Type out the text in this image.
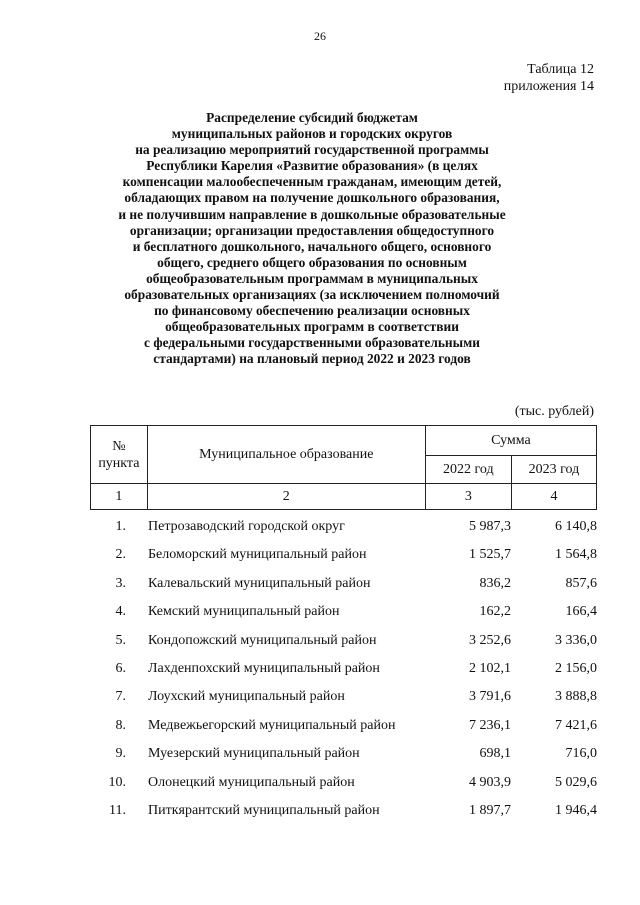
26
Таблица 12
приложения 14
Распределение субсидий бюджетам
муниципальных районов и городских округов
на реализацию мероприятий государственной программы
Республики Карелия «Развитие образования» (в целях
компенсации малообеспеченным гражданам, имеющим детей,
обладающих правом на получение дошкольного образования,
и не получившим направление в дошкольные образовательные
организации; организации предоставления общедоступного
и бесплатного дошкольного, начального общего, основного
общего, среднего общего образования по основным
общеобразовательным программам в муниципальных
образовательных организациях (за исключением полномочий
по финансовому обеспечению реализации основных
общеобразовательных программ в соответствии
с федеральными государственными образовательными
стандартами) на плановый период 2022 и 2023 годов
(тыс. рублей)
№
пункта	Муниципальное образование	Сумма	
		2022 год	2023 год
1	2	3	4
1. Петрозаводский городской округ	5 987,3	6 140,8
2. Беломорский муниципальный район	1 525,7	1 564,8
3. Калевальский муниципальный район	836,2	857,6
4. Кемский муниципальный район	162,2	166,4
5. Кондопожский муниципальный район	3 252,6	3 336,0
6. Лахденпохский муниципальный район	2 102,1	2 156,0
7. Лоухский муниципальный район	3 791,6	3 888,8
8. Медвежьегорский муниципальный район	7 236,1	7 421,6
9. Муезерский муниципальный район	698,1	716,0
10. Олонецкий муниципальный район	4 903,9	5 029,6
11. Питкярантский муниципальный район	1 897,7	1 946,4
